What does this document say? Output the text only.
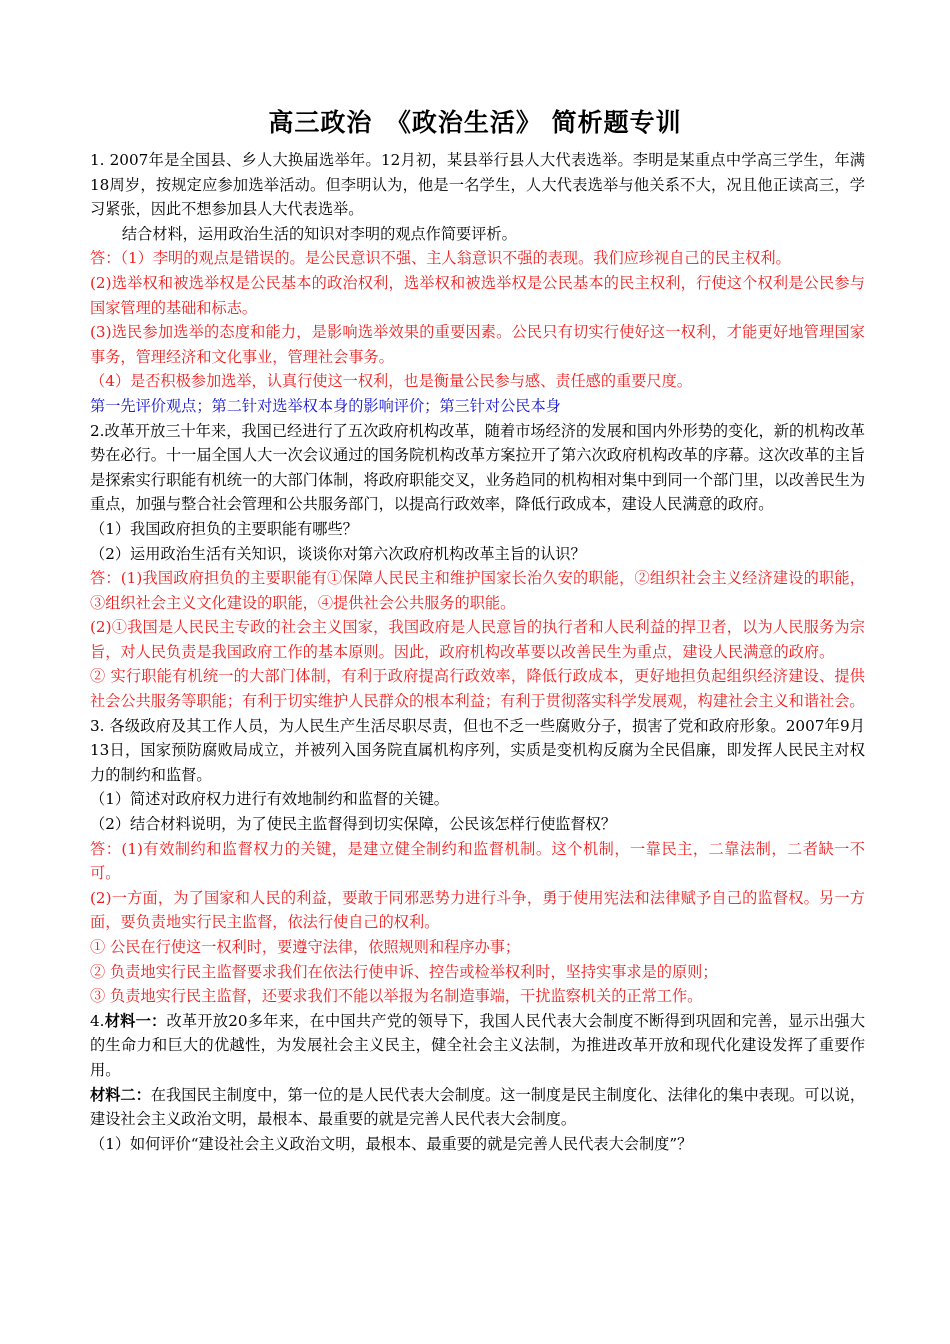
高三政治　《政治生活》 简析题专训

1. 2007年是全国县、乡人大换届选举年。12月初，某县举行县人大代表选举。李明是某重点中学高三学生，年满18周岁，按规定应参加选举活动。但李明认为，他是一名学生，人大代表选举与他关系不大，况且他正读高三，学习紧张，因此不想参加县人大代表选举。

结合材料，运用政治生活的知识对李明的观点作简要评析。

答：（1）李明的观点是错误的。是公民意识不强、主人翁意识不强的表现。我们应珍视自己的民主权利。

(2)选举权和被选举权是公民基本的政治权利，选举权和被选举权是公民基本的民主权利，行使这个权利是公民参与国家管理的基础和标志。

(3)选民参加选举的态度和能力，是影响选举效果的重要因素。公民只有切实行使好这一权利，才能更好地管理国家事务，管理经济和文化事业，管理社会事务。

（4）是否积极参加选举，认真行使这一权利，也是衡量公民参与感、责任感的重要尺度。

第一先评价观点；第二针对选举权本身的影响评价；第三针对公民本身

2.改革开放三十年来，我国已经进行了五次政府机构改革，随着市场经济的发展和国内外形势的变化，新的机构改革势在必行。十一届全国人大一次会议通过的国务院机构改革方案拉开了第六次政府机构改革的序幕。这次改革的主旨是探索实行职能有机统一的大部门体制，将政府职能交叉，业务趋同的机构相对集中到同一个部门里，以改善民生为重点，加强与整合社会管理和公共服务部门，以提高行政效率，降低行政成本，建设人民满意的政府。

（1）我国政府担负的主要职能有哪些？

（2）运用政治生活有关知识，谈谈你对第六次政府机构改革主旨的认识？

答：(1)我国政府担负的主要职能有①保障人民民主和维护国家长治久安的职能，②组织社会主义经济建设的职能，③组织社会主义文化建设的职能，④提供社会公共服务的职能。

(2)①我国是人民民主专政的社会主义国家，我国政府是人民意旨的执行者和人民利益的捍卫者，以为人民服务为宗旨，对人民负责是我国政府工作的基本原则。因此，政府机构改革要以改善民生为重点，建设人民满意的政府。

② 实行职能有机统一的大部门体制，有利于政府提高行政效率，降低行政成本，更好地担负起组织经济建设、提供社会公共服务等职能；有利于切实维护人民群众的根本利益；有利于贯彻落实科学发展观，构建社会主义和谐社会。

3. 各级政府及其工作人员，为人民生产生活尽职尽责，但也不乏一些腐败分子，损害了党和政府形象。2007年9月13日，国家预防腐败局成立，并被列入国务院直属机构序列，实质是变机构反腐为全民倡廉，即发挥人民民主对权力的制约和监督。

（1）简述对政府权力进行有效地制约和监督的关键。

（2）结合材料说明，为了使民主监督得到切实保障，公民该怎样行使监督权？

答：(1)有效制约和监督权力的关键，是建立健全制约和监督机制。这个机制，一靠民主，二靠法制，二者缺一不可。

(2)一方面，为了国家和人民的利益，要敢于同邪恶势力进行斗争，勇于使用宪法和法律赋予自己的监督权。另一方面，要负责地实行民主监督，依法行使自己的权利。

① 公民在行使这一权利时，要遵守法律，依照规则和程序办事；

② 负责地实行民主监督要求我们在依法行使申诉、控告或检举权利时，坚持实事求是的原则；

③ 负责地实行民主监督，还要求我们不能以举报为名制造事端，干扰监察机关的正常工作。

4.材料一：改革开放20多年来，在中国共产党的领导下，我国人民代表大会制度不断得到巩固和完善，显示出强大的生命力和巨大的优越性，为发展社会主义民主，健全社会主义法制，为推进改革开放和现代化建设发挥了重要作用。

材料二：在我国民主制度中，第一位的是人民代表大会制度。这一制度是民主制度化、法律化的集中表现。可以说，建设社会主义政治文明，最根本、最重要的就是完善人民代表大会制度。

（1）如何评价“建设社会主义政治文明，最根本、最重要的就是完善人民代表大会制度”？
